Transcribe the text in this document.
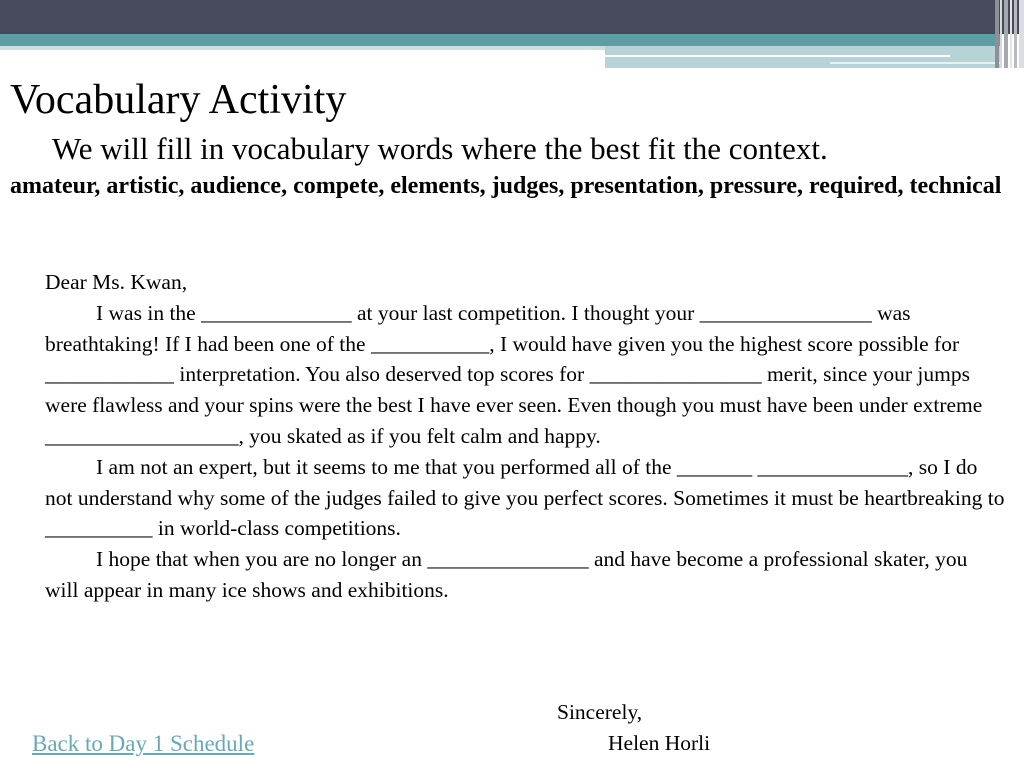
Vocabulary Activity
We will fill in vocabulary words where the best fit the context.

amateur, artistic, audience, compete, elements, judges, presentation, pressure, required, technical

Dear Ms. Kwan,

I was in the ______________ at your last competition. I thought your ________________ was breathtaking! If I had been one of the ___________, I would have given you the highest score possible for ____________ interpretation. You also deserved top scores for ________________ merit, since your jumps were flawless and your spins were the best I have ever seen. Even though you must have been under extreme __________________, you skated as if you felt calm and happy.

I am not an expert, but it seems to me that you performed all of the _______ ______________, so I do not understand why some of the judges failed to give you perfect scores. Sometimes it must be heartbreaking to __________ in world-class competitions.

I hope that when you are no longer an _______________ and have become a professional skater, you will appear in many ice shows and exhibitions.

Sincerely,
Helen Horli
Back to Day 1 Schedule
